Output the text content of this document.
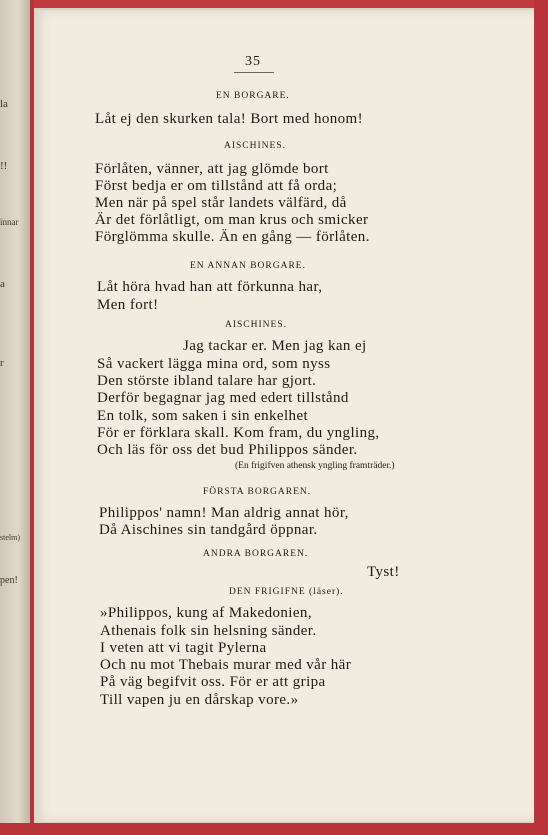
la
!!
innar
a
r
stelm)
pen!
35
EN BORGARE.
Låt ej den skurken tala! Bort med honom!
AISCHINES.
Förlåten, vänner, att jag glömde bort
Först bedja er om tillstånd att få orda;
Men när på spel står landets välfärd, då
Är det förlåtligt, om man krus och smicker
Förglömma skulle. Än en gång — förlåten.
EN ANNAN BORGARE.
Låt höra hvad han att förkunna har,
Men fort!
AISCHINES.
Jag tackar er. Men jag kan ej
Så vackert lägga mina ord, som nyss
Den störste ibland talare har gjort.
Derför begagnar jag med edert tillstånd
En tolk, som saken i sin enkelhet
För er förklara skall. Kom fram, du yngling,
Och läs för oss det bud Philippos sänder.
(En frigifven athensk yngling framträder.)
FÖRSTA BORGAREN.
Philippos' namn! Man aldrig annat hör,
Då Aischines sin tandgård öppnar.
ANDRA BORGAREN.
Tyst!
DEN FRIGIFNE (läser).
»Philippos, kung af Makedonien,
Athenais folk sin helsning sänder.
I veten att vi tagit Pylerna
Och nu mot Thebais murar med vår här
På väg begifvit oss. För er att gripa
Till vapen ju en dårskap vore.»
